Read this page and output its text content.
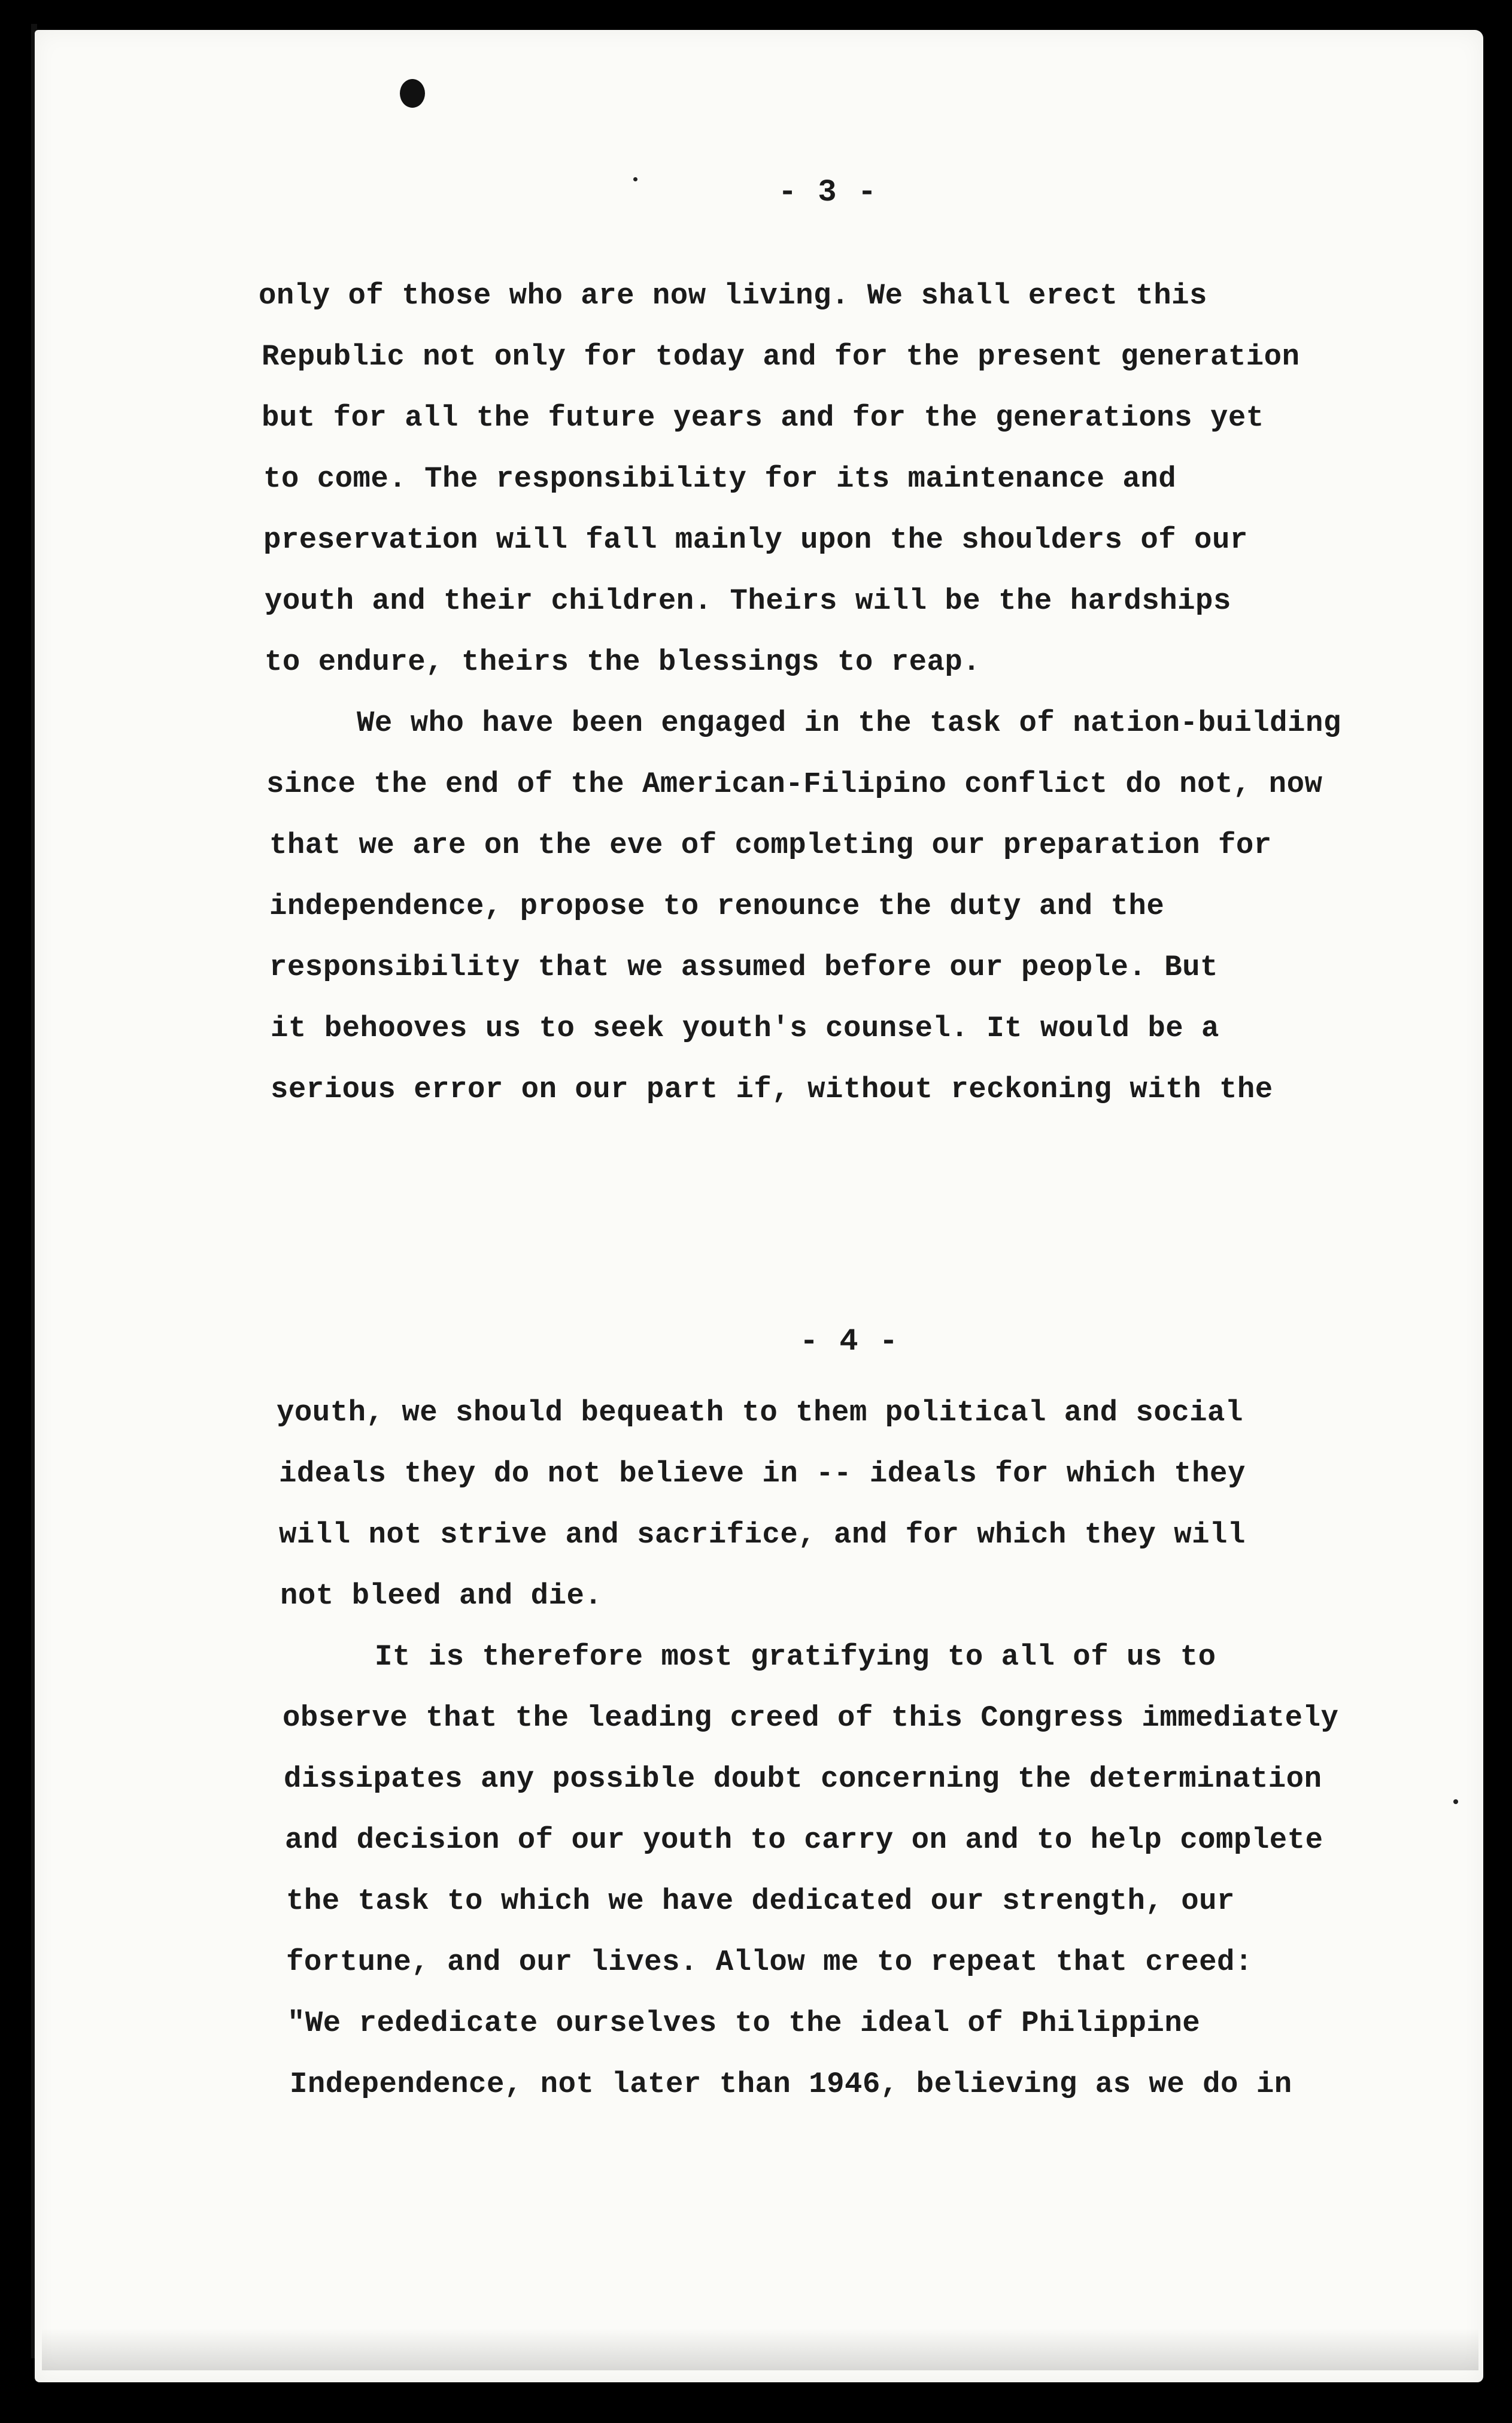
- 3 -
only of those who are now living. We shall erect this
Republic not only for today and for the present generation
but for all the future years and for the generations yet
to come. The responsibility for its maintenance and
preservation will fall mainly upon the shoulders of our
youth and their children. Theirs will be the hardships
to endure, theirs the blessings to reap.
We who have been engaged in the task of nation-building
since the end of the American-Filipino conflict do not, now
that we are on the eve of completing our preparation for
independence, propose to renounce the duty and the
responsibility that we assumed before our people. But
it behooves us to seek youth's counsel. It would be a
serious error on our part if, without reckoning with the
- 4 -
youth, we should bequeath to them political and social
ideals they do not believe in -- ideals for which they
will not strive and sacrifice, and for which they will
not bleed and die.
It is therefore most gratifying to all of us to
observe that the leading creed of this Congress immediately
dissipates any possible doubt concerning the determination
and decision of our youth to carry on and to help complete
the task to which we have dedicated our strength, our
fortune, and our lives. Allow me to repeat that creed:
"We rededicate ourselves to the ideal of Philippine
Independence, not later than 1946, believing as we do in
